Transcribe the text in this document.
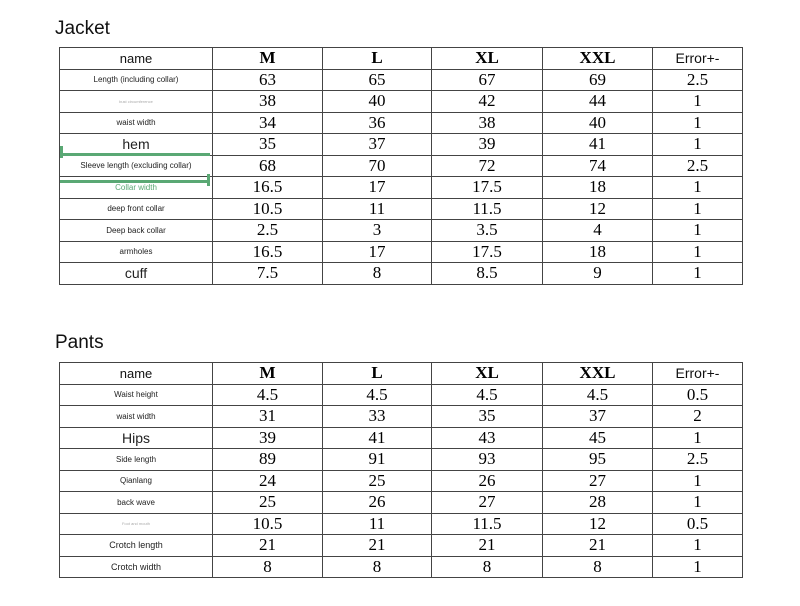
Jacket
name	M	L	XL	XXL	Error+-
Length (including collar)	63	65	67	69	2.5
bust circumference	38	40	42	44	1
waist width	34	36	38	40	1
hem	35	37	39	41	1
Sleeve length (excluding collar)	68	70	72	74	2.5
Collar width	16.5	17	17.5	18	1
deep front collar	10.5	11	11.5	12	1
Deep back collar	2.5	3	3.5	4	1
armholes	16.5	17	17.5	18	1
cuff	7.5	8	8.5	9	1
Pants
name	M	L	XL	XXL	Error+-
Waist height	4.5	4.5	4.5	4.5	0.5
waist width	31	33	35	37	2
Hips	39	41	43	45	1
Side length	89	91	93	95	2.5
Qianlang	24	25	26	27	1
back wave	25	26	27	28	1
Foot and mouth	10.5	11	11.5	12	0.5
Crotch length	21	21	21	21	1
Crotch width	8	8	8	8	1
